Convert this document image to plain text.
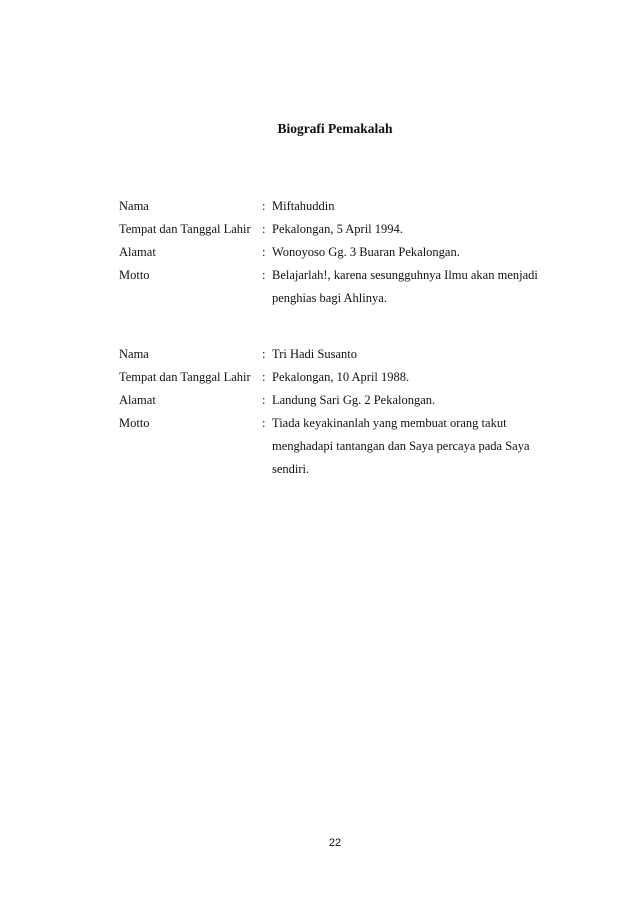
Biografi Pemakalah
Nama	: Miftahuddin
Tempat dan Tanggal Lahir : Pekalongan, 5 April 1994.
Alamat	: Wonoyoso Gg. 3 Buaran Pekalongan.
Motto	: Belajarlah!, karena sesungguhnya Ilmu akan menjadi
penghias bagi Ahlinya.
Nama	: Tri Hadi Susanto
Tempat dan Tanggal Lahir : Pekalongan, 10 April 1988.
Alamat	: Landung Sari Gg. 2 Pekalongan.
Motto	: Tiada keyakinanlah yang membuat orang takut
menghadapi tantangan dan Saya percaya pada Saya
sendiri.
22
